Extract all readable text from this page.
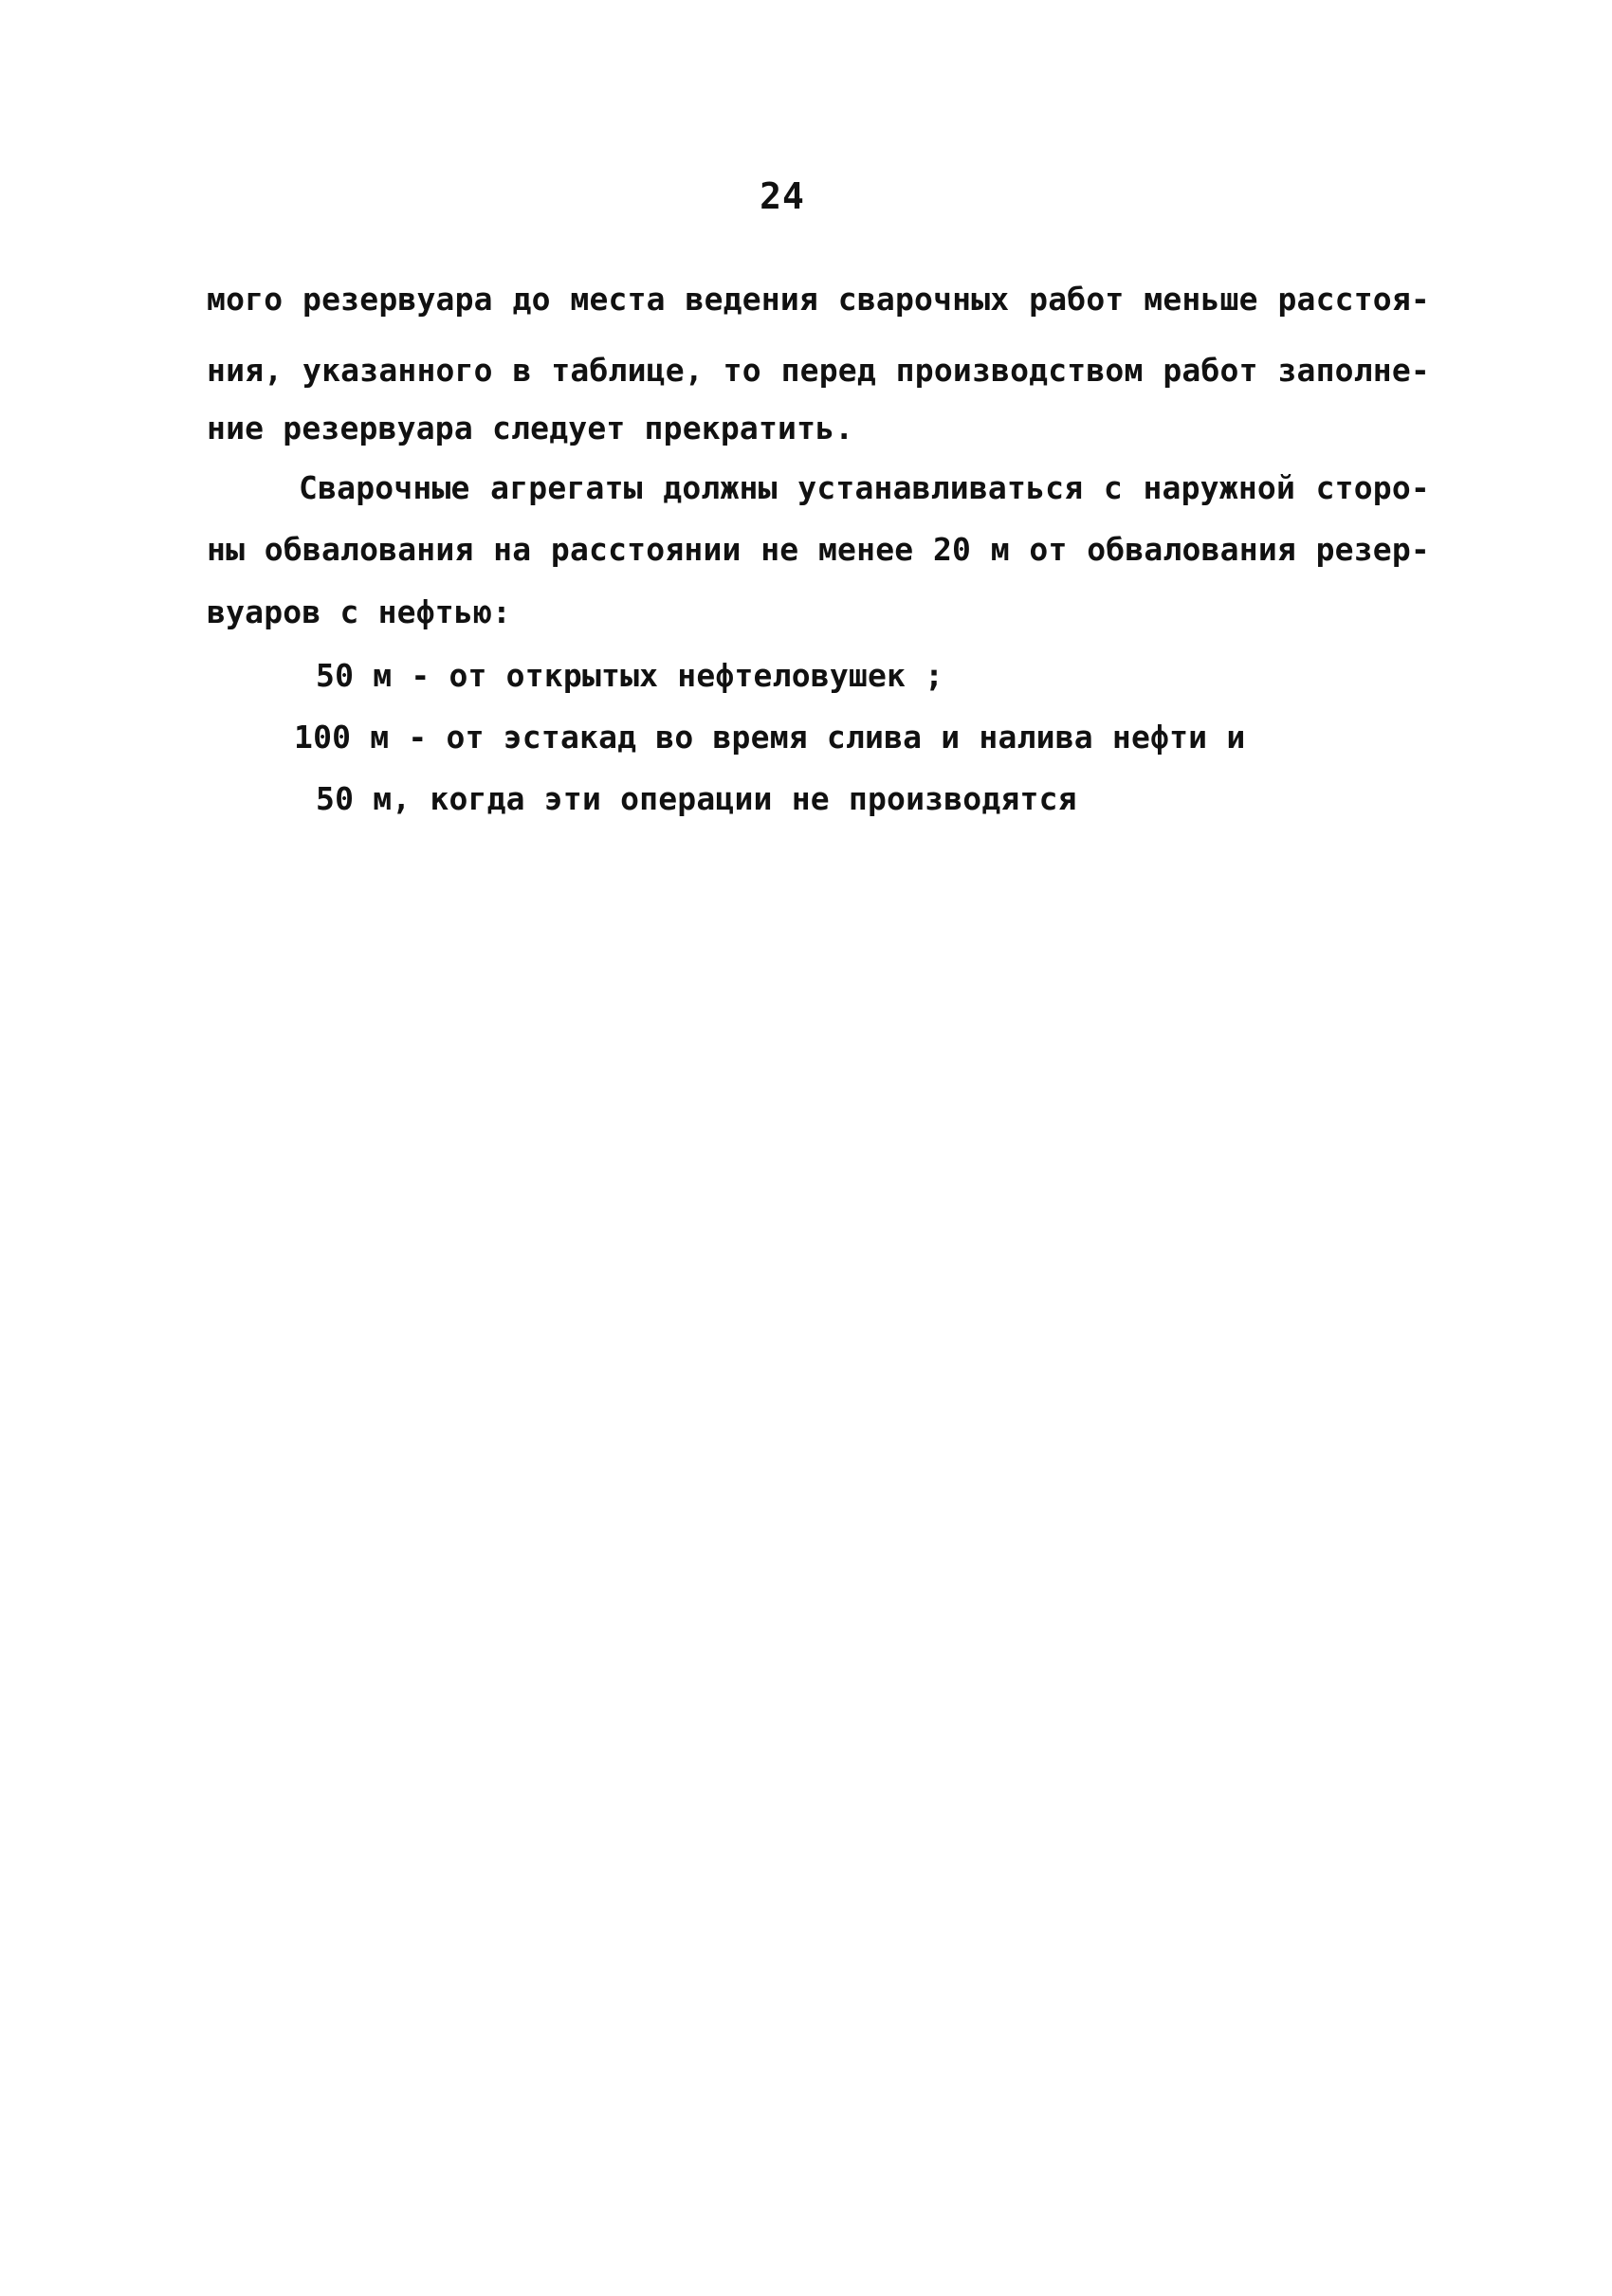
24
мого резервуара до места ведения сварочных работ меньше расстоя-
ния, указанного в таблице, то перед производством работ заполне-
ние резервуара следует прекратить.
Сварочные агрегаты должны устанавливаться с наружной сторо-
ны обвалования на расстоянии не менее 20 м от обвалования резер-
вуаров с нефтью:
50 м - от открытых нефтеловушек ;
100 м - от эстакад во время слива и налива нефти и
50 м, когда эти операции не производятся
